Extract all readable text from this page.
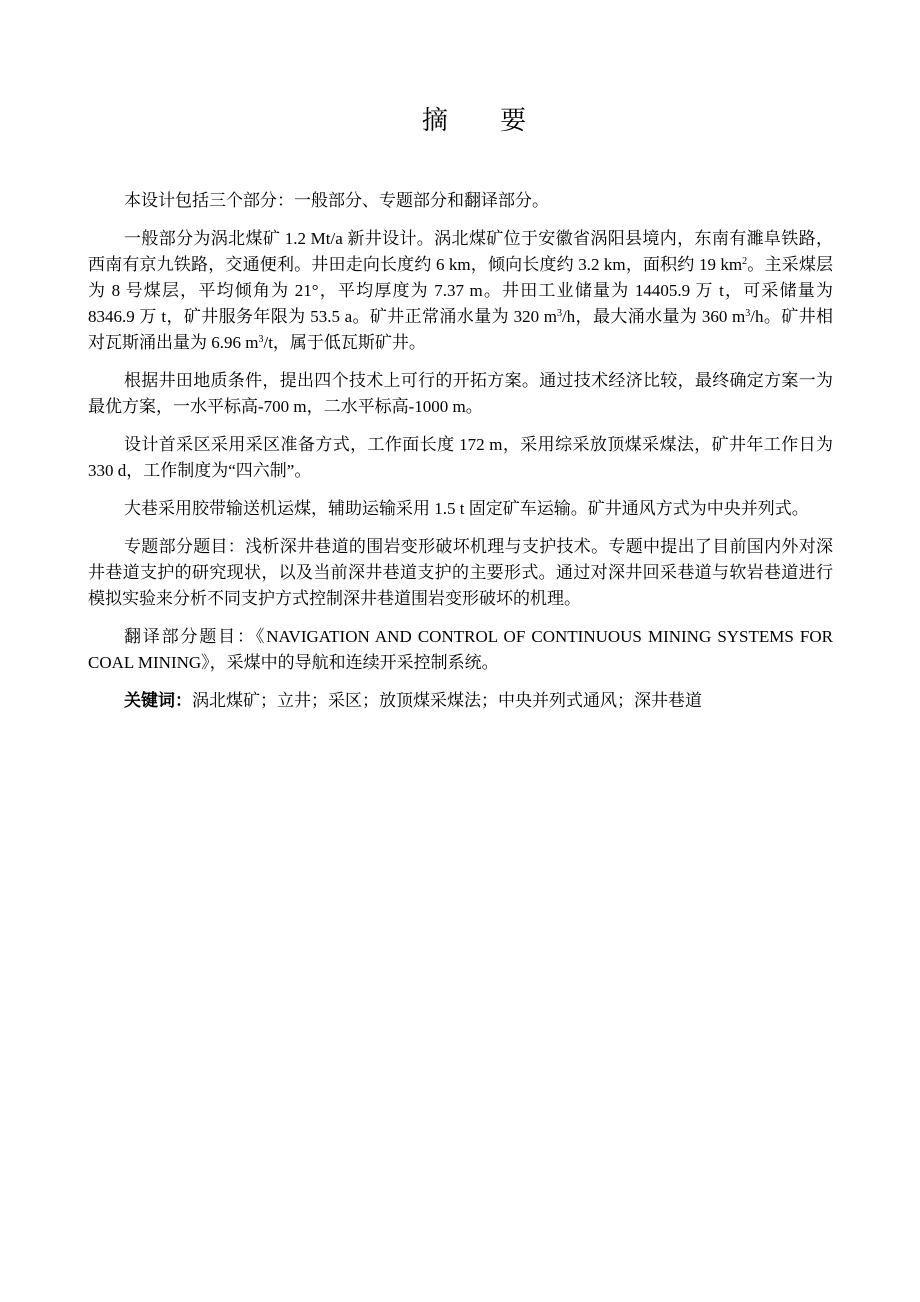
摘 要

本设计包括三个部分：一般部分、专题部分和翻译部分。

一般部分为涡北煤矿 1.2 Mt/a 新井设计。涡北煤矿位于安徽省涡阳县境内，东南有濉阜铁路，西南有京九铁路，交通便利。井田走向长度约 6 km，倾向长度约 3.2 km，面积约 19 $km^2$。主采煤层为 8 号煤层，平均倾角为 21°，平均厚度为 7.37 m。井田工业储量为 14405.9 万 t，可采储量为 8346.9 万 t，矿井服务年限为 53.5 a。矿井正常涌水量为 320 $m^3/h$，最大涌水量为 360 $m^3/h$。矿井相对瓦斯涌出量为 6.96 $m^3/t$，属于低瓦斯矿井。

根据井田地质条件，提出四个技术上可行的开拓方案。通过技术经济比较，最终确定方案一为最优方案，一水平标高-700 m，二水平标高-1000 m。

设计首采区采用采区准备方式，工作面长度 172 m，采用综采放顶煤采煤法，矿井年工作日为 330 d，工作制度为“四六制”。

大巷采用胶带输送机运煤，辅助运输采用 1.5 t 固定矿车运输。矿井通风方式为中央并列式。

专题部分题目：浅析深井巷道的围岩变形破坏机理与支护技术。专题中提出了目前国内外对深井巷道支护的研究现状，以及当前深井巷道支护的主要形式。通过对深井回采巷道与软岩巷道进行模拟实验来分析不同支护方式控制深井巷道围岩变形破坏的机理。

翻译部分题目：《NAVIGATION AND CONTROL OF CONTINUOUS MINING SYSTEMS FOR COAL MINING》，采煤中的导航和连续开采控制系统。

关键词：涡北煤矿；立井；采区；放顶煤采煤法；中央并列式通风；深井巷道
